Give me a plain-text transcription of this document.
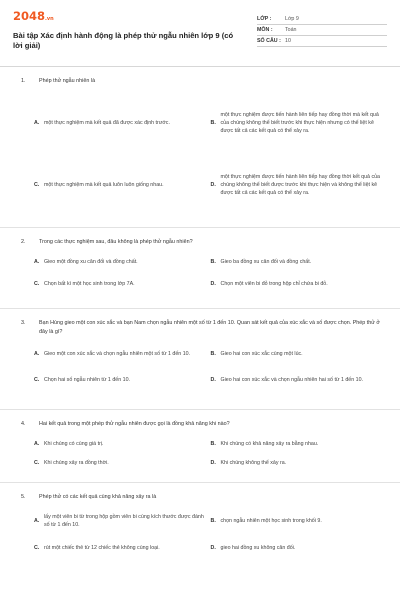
2048.vn
Bài tập Xác định hành động là phép thử ngẫu nhiên lớp 9 (có lời giải)
LỚP :	Lớp 9
MÔN :	Toán
SỐ CÂU : 10
1.	Phép thử ngẫu nhiên là
A. một thực nghiệm mà kết quả đã được xác định trước.	B.
một thực nghiệm được tiến hành liên tiếp hay đồng thời mà kết quả của chúng không thể biết trước khi thực hiện nhưng có thể liệt kê được tất cả các kết quả có thể xảy ra.
C. một thực nghiệm mà kết quả luôn luôn giống nhau.	D.
một thực nghiệm được tiến hành liên tiếp hay đồng thời kết quả của chúng không thể biết được trước khi thực hiện và không thể liệt kê được tất cả các kết quả có thể xảy ra.
2.	Trong các thực nghiệm sau, đâu không là phép thử ngẫu nhiên?
A. Gieo một đồng xu cân đối và đồng chất.	B. Gieo ba đồng xu cân đối và đồng chất.
C. Chọn bất kì một học sinh trong lớp 7A.	D. Chọn một viên bi đỏ trong hộp chỉ chứa bi đỏ.
3.	Bạn Hùng gieo một con xúc xắc và bạn Nam chọn ngẫu nhiên một số từ 1 đến 10. Quan sát kết quả của xúc xắc và số được chọn. Phép thử ở đây là gì?
A. Gieo một con xúc xắc và chọn ngẫu nhiên một số từ 1 đến 10.	B. Gieo hai con xúc xắc cùng một lúc.
C. Chọn hai số ngẫu nhiên từ 1 đến 10.	D. Gieo hai con xúc xắc và chọn ngẫu nhiên hai số từ 1 đến 10.
4.	Hai kết quả trong một phép thử ngẫu nhiên được gọi là đồng khả năng khi nào?
A. Khi chúng có cùng giá trị.	B. Khi chúng có khả năng xảy ra bằng nhau.
C. Khi chúng xảy ra đồng thời.	D. Khi chúng không thể xảy ra.
5.	Phép thử có các kết quả cùng khả năng xảy ra là
A.
lấy một viên bi từ trong hộp gồm viên bi cùng kích thước được đánh số từ 1 đến 10.
B. chọn ngẫu nhiên một học sinh trong khối 9.
C. rút một chiếc thẻ từ 12 chiếc thẻ không cùng loại.	D. gieo hai đồng xu không cân đối.
